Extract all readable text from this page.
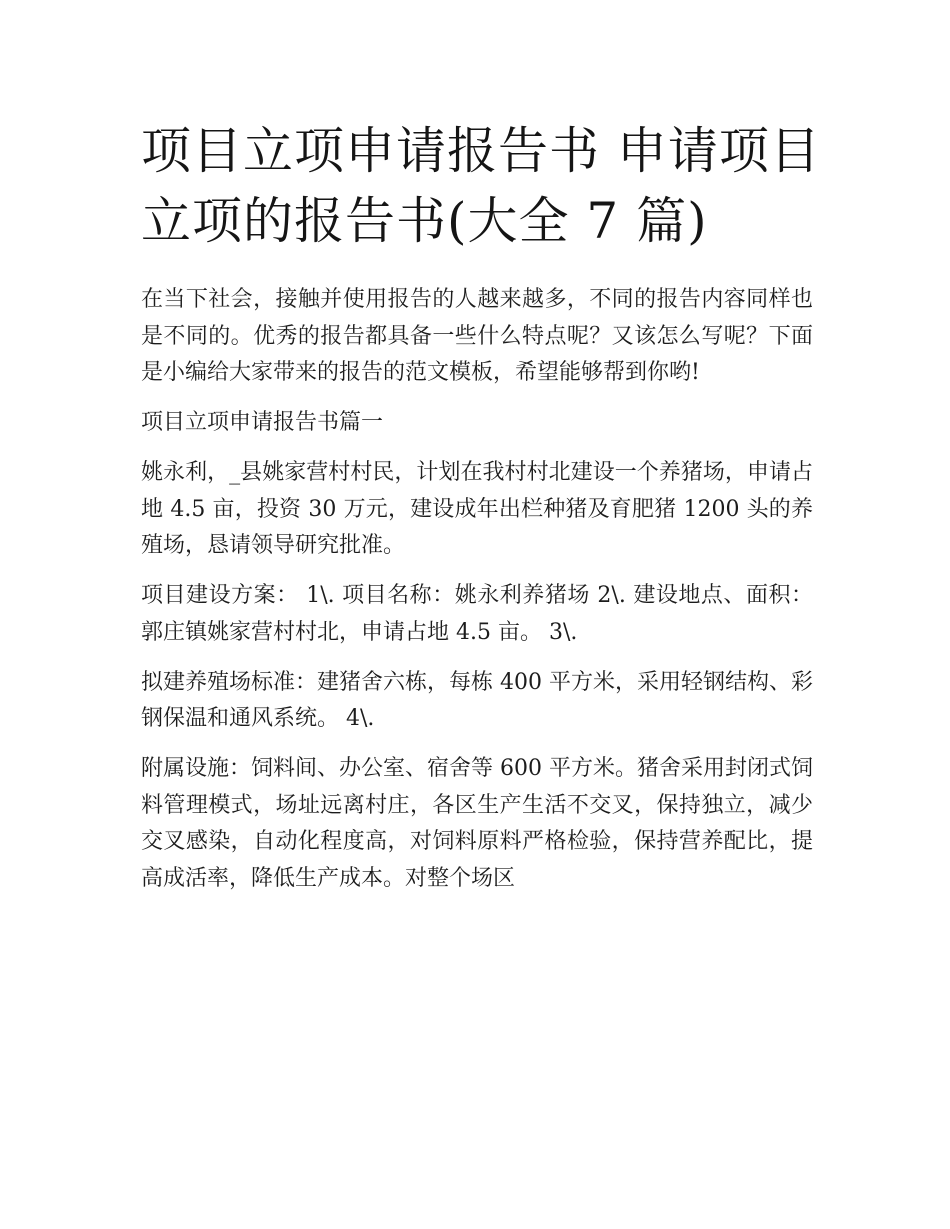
项目立项申请报告书 申请项目立项的报告书(大全 7 篇)

在当下社会，接触并使用报告的人越来越多，不同的报告内容同样也是不同的。优秀的报告都具备一些什么特点呢？又该怎么写呢？下面是小编给大家带来的报告的范文模板，希望能够帮到你哟!

项目立项申请报告书篇一

姚永利，_县姚家营村村民，计划在我村村北建设一个养猪场，申请占地 4.5 亩，投资 30 万元，建设成年出栏种猪及育肥猪 1200 头的养殖场，恳请领导研究批准。

项目建设方案： 1\. 项目名称：姚永利养猪场 2\. 建设地点、面积：郭庄镇姚家营村村北，申请占地 4.5 亩。 3\.

拟建养殖场标准：建猪舍六栋，每栋 400 平方米，采用轻钢结构、彩钢保温和通风系统。 4\.

附属设施：饲料间、办公室、宿舍等 600 平方米。猪舍采用封闭式饲料管理模式，场址远离村庄，各区生产生活不交叉，保持独立，减少交叉感染，自动化程度高，对饲料原料严格检验，保持营养配比，提高成活率，降低生产成本。对整个场区
